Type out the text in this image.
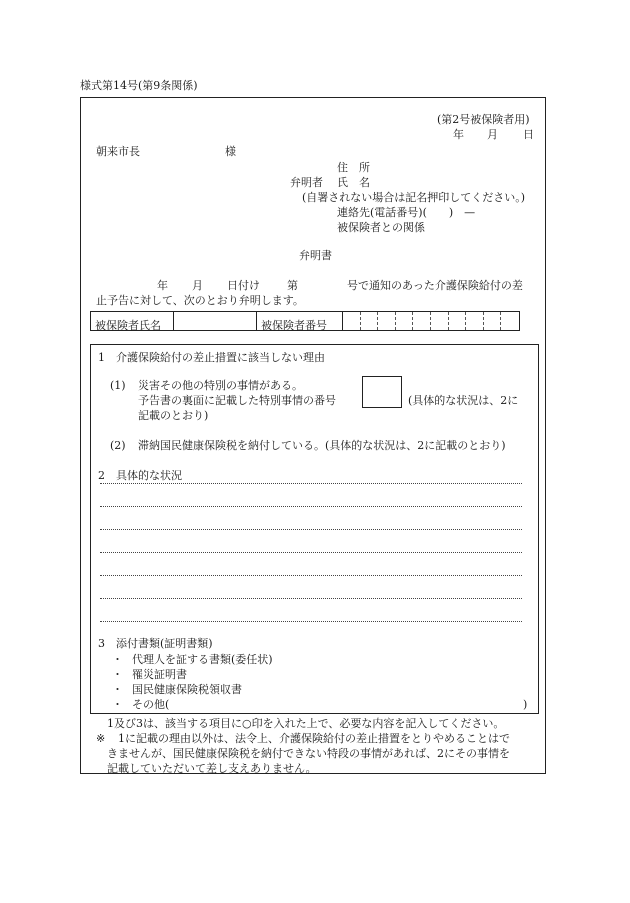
様式第14号(第9条関係)
(第2号被保険者用)
年 月 日
朝来市長	様
住　所
弁明者 氏　名
(自署されない場合は記名押印してください。)
連絡先(電話番号)(　　)　—
被保険者との関係
弁明書
年 月 日付け 第	号で通知のあった介護保険給付の差
止予告に対して、次のとおり弁明します。
被保険者氏名	被保険者番号
1　介護保険給付の差止措置に該当しない理由
(1) 災害その他の特別の事情がある。
予告書の裏面に記載した特別事情の番号	(具体的な状況は、2に
記載のとおり)
(2) 滞納国民健康保険税を納付している。(具体的な状況は、2に記載のとおり)
2　具体的な状況
3　添付書類(証明書類)
・ 代理人を証する書類(委任状)
・ 罹災証明書
・ 国民健康保険税領収書
・ その他(	)
1及び3は、該当する項目に○印を入れた上で、必要な内容を記入してください。
※ 1に記載の理由以外は、法令上、介護保険給付の差止措置をとりやめることはで
きませんが、国民健康保険税を納付できない特段の事情があれば、2にその事情を
記載していただいて差し支えありません。
